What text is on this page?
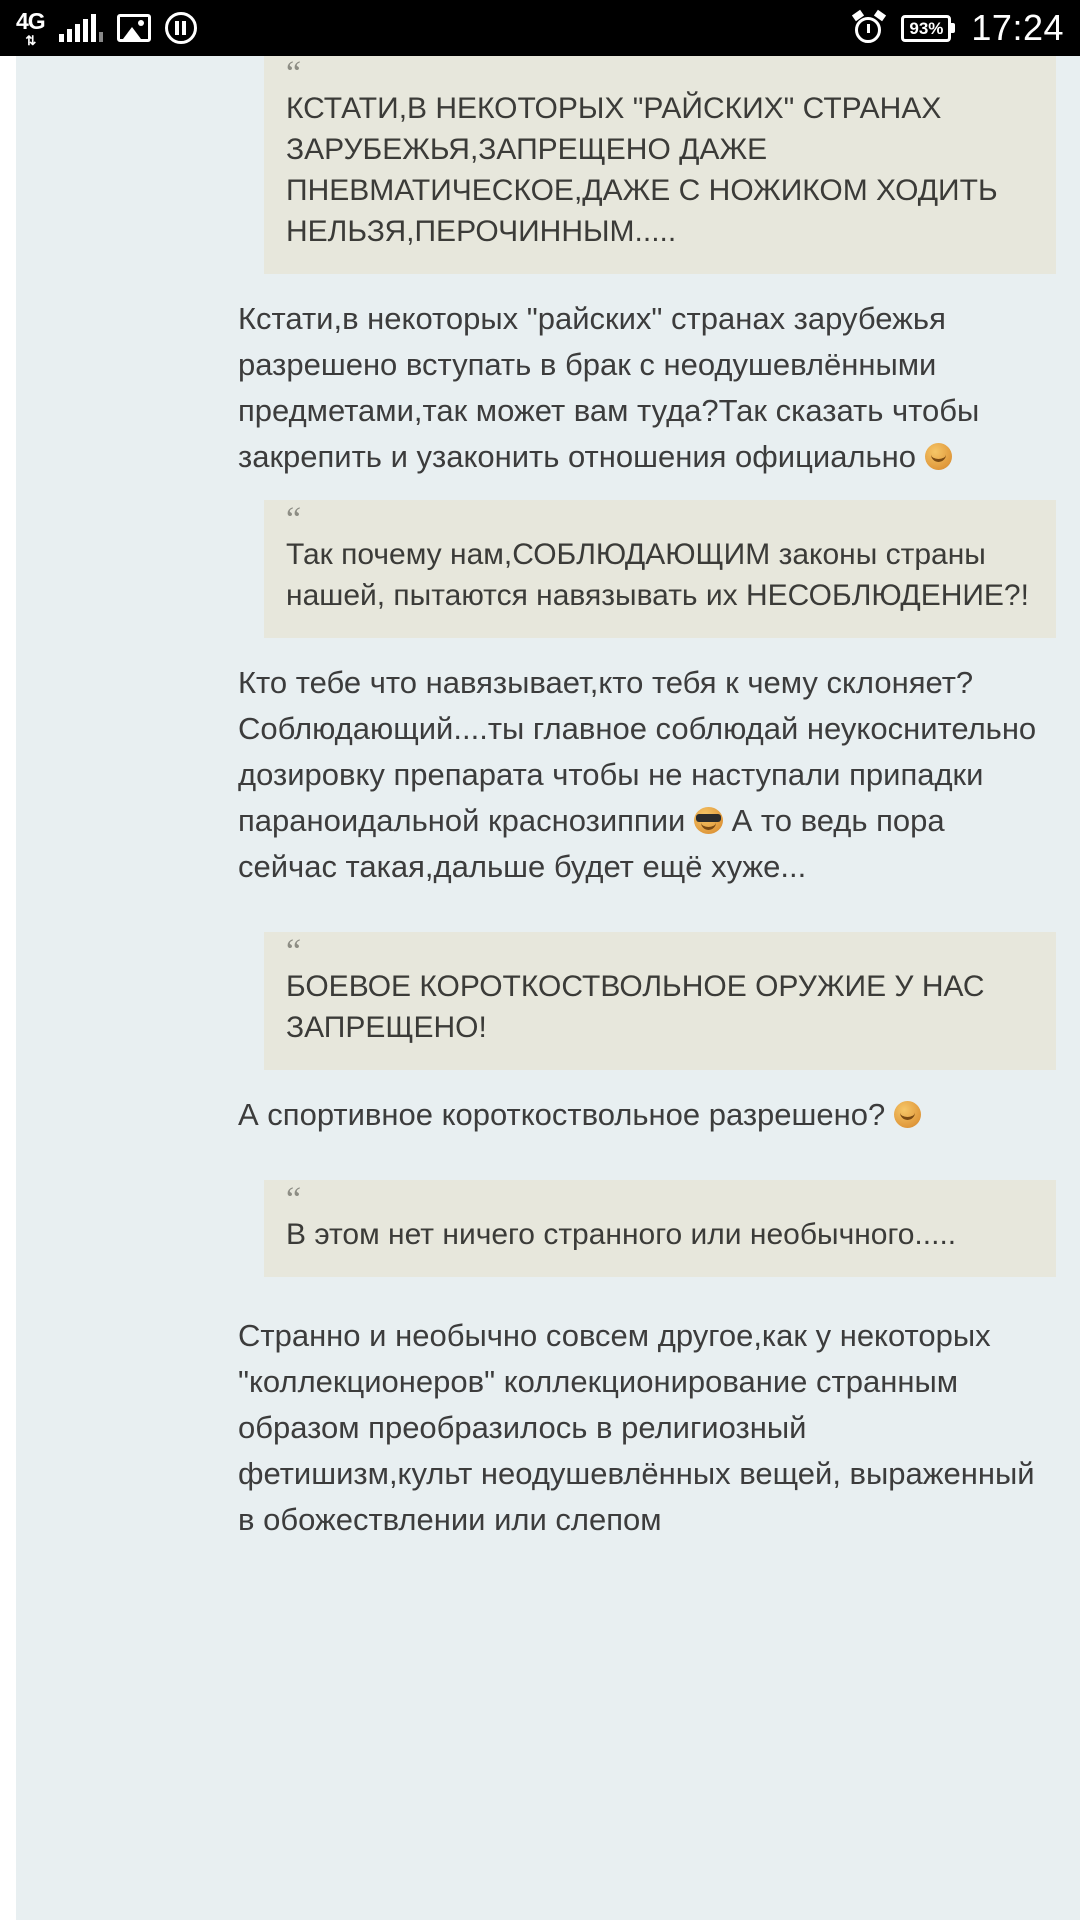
4G
⇅
93% 17:24
“
КСТАТИ,В НЕКОТОРЫХ "РАЙСКИХ" СТРАНАХ ЗАРУБЕЖЬЯ,ЗАПРЕЩЕНО ДАЖЕ ПНЕВМАТИЧЕСКОЕ,ДАЖЕ С НОЖИКОМ ХОДИТЬ НЕЛЬЗЯ,ПЕРОЧИННЫМ.....
Кстати,в некоторых "райских" странах зарубежья разрешено вступать в брак с неодушевлёнными предметами,так может вам туда?Так сказать чтобы закрепить и узаконить отношения официально
“
Так почему нам,СОБЛЮДАЮЩИМ законы страны нашей, пытаются навязывать их НЕСОБЛЮДЕНИЕ?!
Кто тебе что навязывает,кто тебя к чему склоняет?Соблюдающий....ты главное соблюдай неукоснительно дозировку препарата чтобы не наступали припадки параноидальной краснозиппии А то ведь пора сейчас такая,дальше будет ещё хуже...
“
БОЕВОЕ КОРОТКОСТВОЛЬНОЕ ОРУЖИЕ У НАС ЗАПРЕЩЕНО!
А спортивное короткоствольное разрешено?
“
В этом нет ничего странного или необычного.....
Странно и необычно совсем другое,как у некоторых "коллекционеров" коллекционирование странным образом преобразилось в религиозный фетишизм,культ неодушевлённых вещей, выраженный в обожествлении или слепом
